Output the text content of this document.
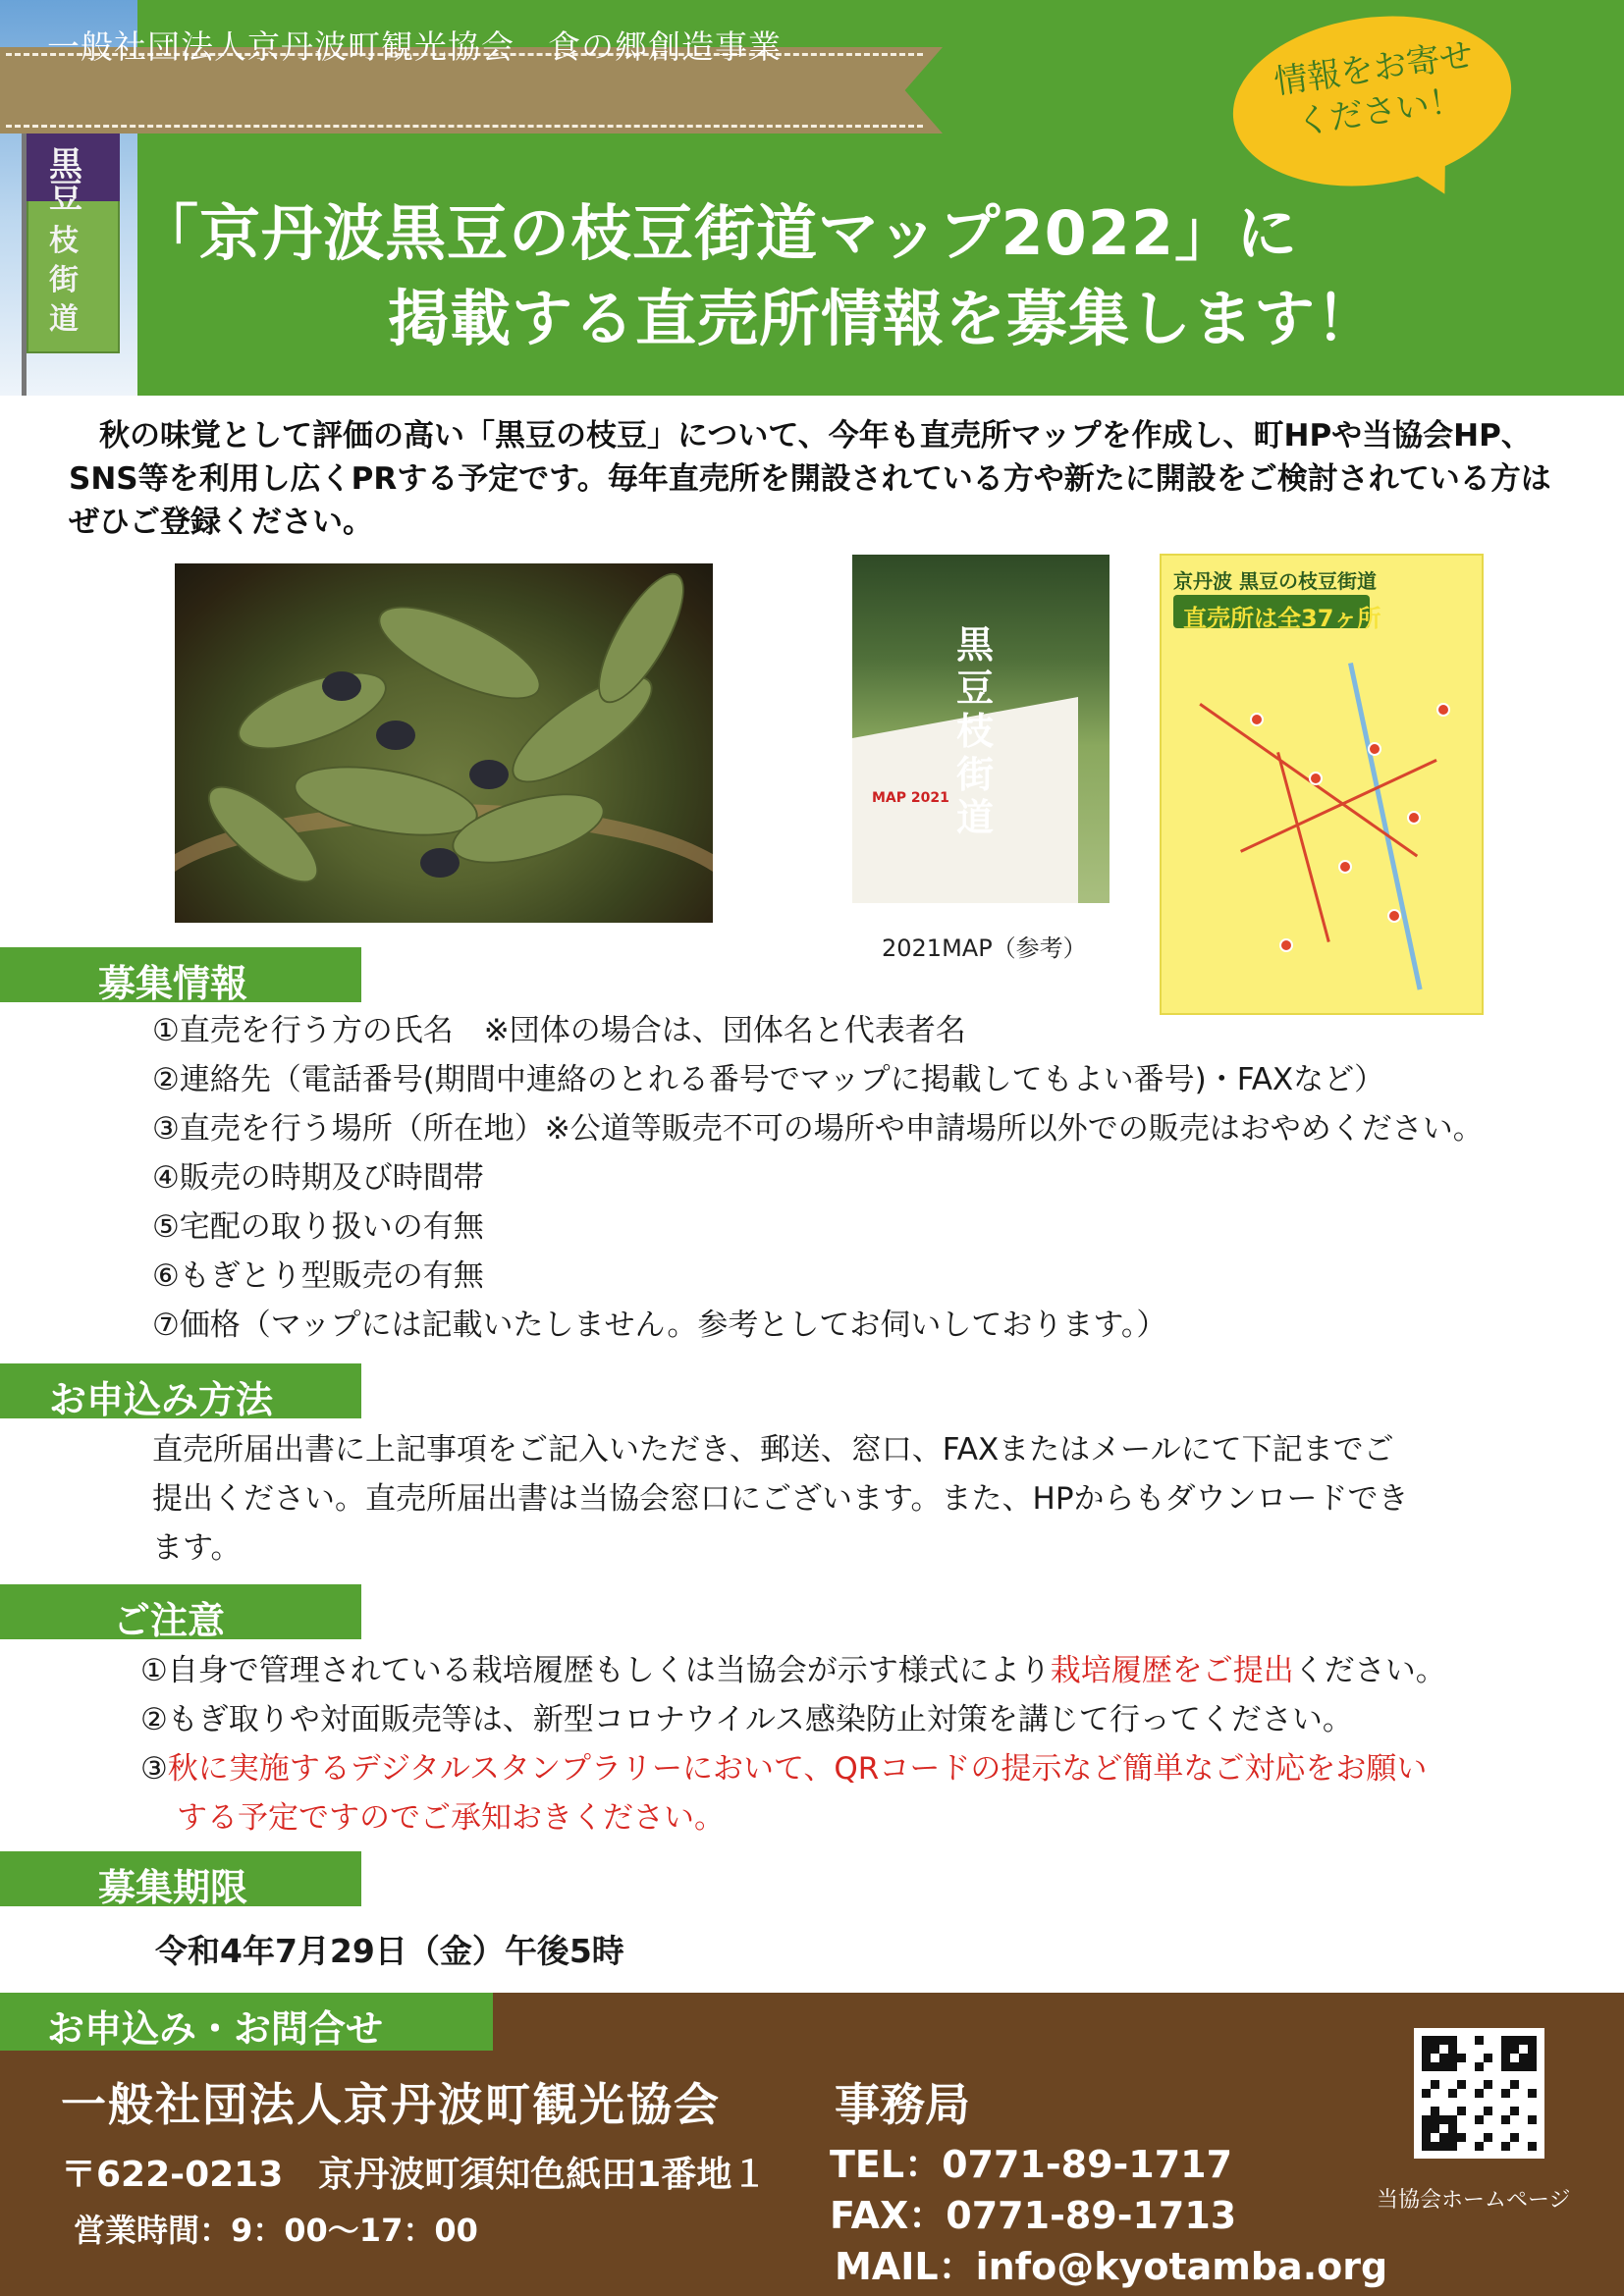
黒
豆
枝
街
道
一般社団法人京丹波町観光協会　食の郷創造事業	情報をお寄せ
ください！
「京丹波黒豆の枝豆街道マップ2022」に
掲載する直売所情報を募集します！
　秋の味覚として評価の高い「黒豆の枝豆」について、今年も直売所マップを作成し、町HPや当協会HP、SNS等を利用し広くPRする予定です。毎年直売所を開設されている方や新たに開設をご検討されている方はぜひご登録ください。
黒
豆
枝
街
道
MAP 2021
2021MAP（参考）
京丹波 黒豆の枝豆街道
直売所は全37ヶ所
募集情報
①直売を行う方の氏名　※団体の場合は、団体名と代表者名
②連絡先（電話番号(期間中連絡のとれる番号でマップに掲載してもよい番号)・FAXなど）
③直売を行う場所（所在地）※公道等販売不可の場所や申請場所以外での販売はおやめください。
④販売の時期及び時間帯
⑤宅配の取り扱いの有無
⑥もぎとり型販売の有無
⑦価格（マップには記載いたしません。参考としてお伺いしております。）
お申込み方法
直売所届出書に上記事項をご記入いただき、郵送、窓口、FAXまたはメールにて下記までご
提出ください。直売所届出書は当協会窓口にございます。また、HPからもダウンロードでき
ます。
ご注意
①自身で管理されている栽培履歴もしくは当協会が示す様式により栽培履歴をご提出ください。
②もぎ取りや対面販売等は、新型コロナウイルス感染防止対策を講じて行ってください。
③秋に実施するデジタルスタンプラリーにおいて、QRコードの提示など簡単なご対応をお願い
する予定ですのでご承知おきください。
募集期限
令和4年7月29日（金）午後5時
お申込み・お問合せ
一般社団法人京丹波町観光協会	事務局
〒622-0213　京丹波町須知色紙田1番地１
営業時間：9：00～17：00
TEL：0771-89-1717
FAX：0771-89-1713
MAIL：info@kyotamba.org
当協会ホームページ
